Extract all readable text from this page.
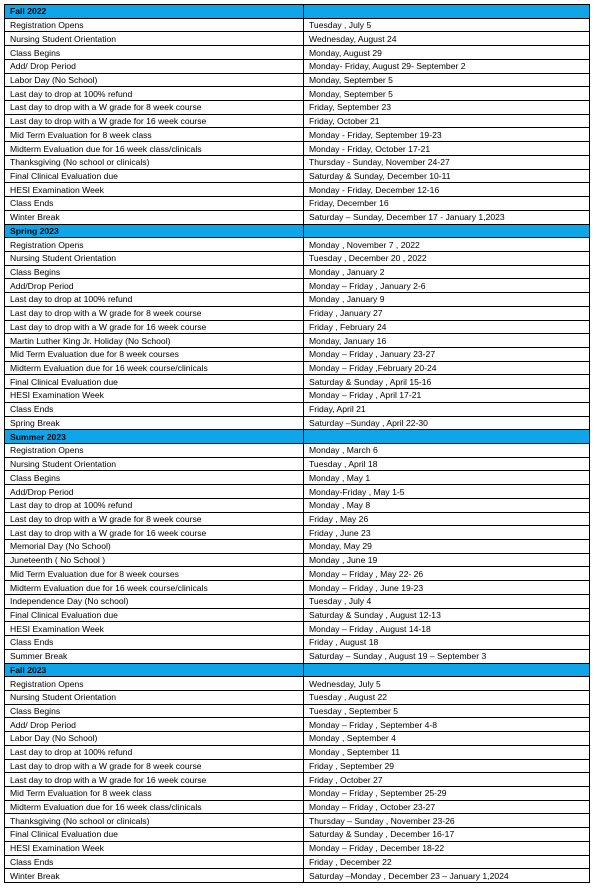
Fall 2022	
Registration Opens	Tuesday , July 5
Nursing Student Orientation	Wednesday, August 24
Class Begins	Monday, August 29
Add/ Drop Period	Monday- Friday, August 29- September 2
Labor Day (No School)	Monday, September 5
Last day to drop at 100% refund	Monday, September 5
Last day to drop with a W grade for 8 week course	Friday, September 23
Last day to drop with a W grade for 16 week course	Friday, October 21
Mid Term Evaluation for 8 week class	Monday - Friday, September 19-23
Midterm Evaluation due for 16 week class/clinicals	Monday - Friday, October 17-21
Thanksgiving (No school or clinicals)	Thursday - Sunday, November 24-27
Final Clinical Evaluation due	Saturday & Sunday, December 10-11
HESI Examination Week	Monday - Friday, December 12-16
Class Ends	Friday, December 16
Winter Break	Saturday – Sunday, December 17 - January 1,2023
Spring 2023	
Registration Opens	Monday , November 7 , 2022
Nursing Student Orientation	Tuesday , December 20 , 2022
Class Begins	Monday , January 2
Add/Drop Period	Monday – Friday , January 2-6
Last day to drop at 100% refund	Monday , January 9
Last day to drop with a W grade for 8 week course	Friday , January 27
Last day to drop with a W grade for 16 week course	Friday , February 24
Martin Luther King Jr. Holiday (No School)	Monday, January 16
Mid Term Evaluation due for 8 week courses	Monday – Friday , January 23-27
Midterm Evaluation due for 16 week course/clinicals	Monday – Friday ,February 20-24
Final Clinical Evaluation due	Saturday & Sunday , April 15-16
HESI Examination Week	Monday – Friday , April 17-21
Class Ends	Friday, April 21
Spring Break	Saturday –Sunday , April 22-30
Summer 2023	
Registration Opens	Monday , March 6
Nursing Student Orientation	Tuesday , April 18
Class Begins	Monday , May 1
Add/Drop Period	Monday-Friday , May 1-5
Last day to drop at 100% refund	Monday , May 8
Last day to drop with a W grade for 8 week course	Friday , May 26
Last day to drop with a W grade for 16 week course	Friday , June 23
Memorial Day (No School)	Monday, May 29
Juneteenth ( No School )	Monday , June 19
Mid Term Evaluation due for 8 week courses	Monday – Friday , May 22- 26
Midterm Evaluation due for 16 week course/clinicals	Monday – Friday , June 19-23
Independence Day (No school)	Tuesday , July 4
Final Clinical Evaluation due	Saturday & Sunday , August 12-13
HESI Examination Week	Monday – Friday , August 14-18
Class Ends	Friday , August 18
Summer Break	Saturday – Sunday , August 19 – September 3
Fall 2023	
Registration Opens	Wednesday, July 5
Nursing Student Orientation	Tuesday , August 22
Class Begins	Tuesday , September 5
Add/ Drop Period	Monday – Friday , September 4-8
Labor Day (No School)	Monday , September 4
Last day to drop at 100% refund	Monday , September 11
Last day to drop with a W grade for 8 week course	Friday , September 29
Last day to drop with a W grade for 16 week course	Friday , October 27
Mid Term Evaluation for 8 week class	Monday – Friday , September 25-29
Midterm Evaluation due for 16 week class/clinicals	Monday – Friday , October 23-27
Thanksgiving (No school or clinicals)	Thursday – Sunday , November 23-26
Final Clinical Evaluation due	Saturday & Sunday , December 16-17
HESI Examination Week	Monday – Friday , December 18-22
Class Ends	Friday , December 22
Winter Break	Saturday –Monday , December 23 – January 1,2024
